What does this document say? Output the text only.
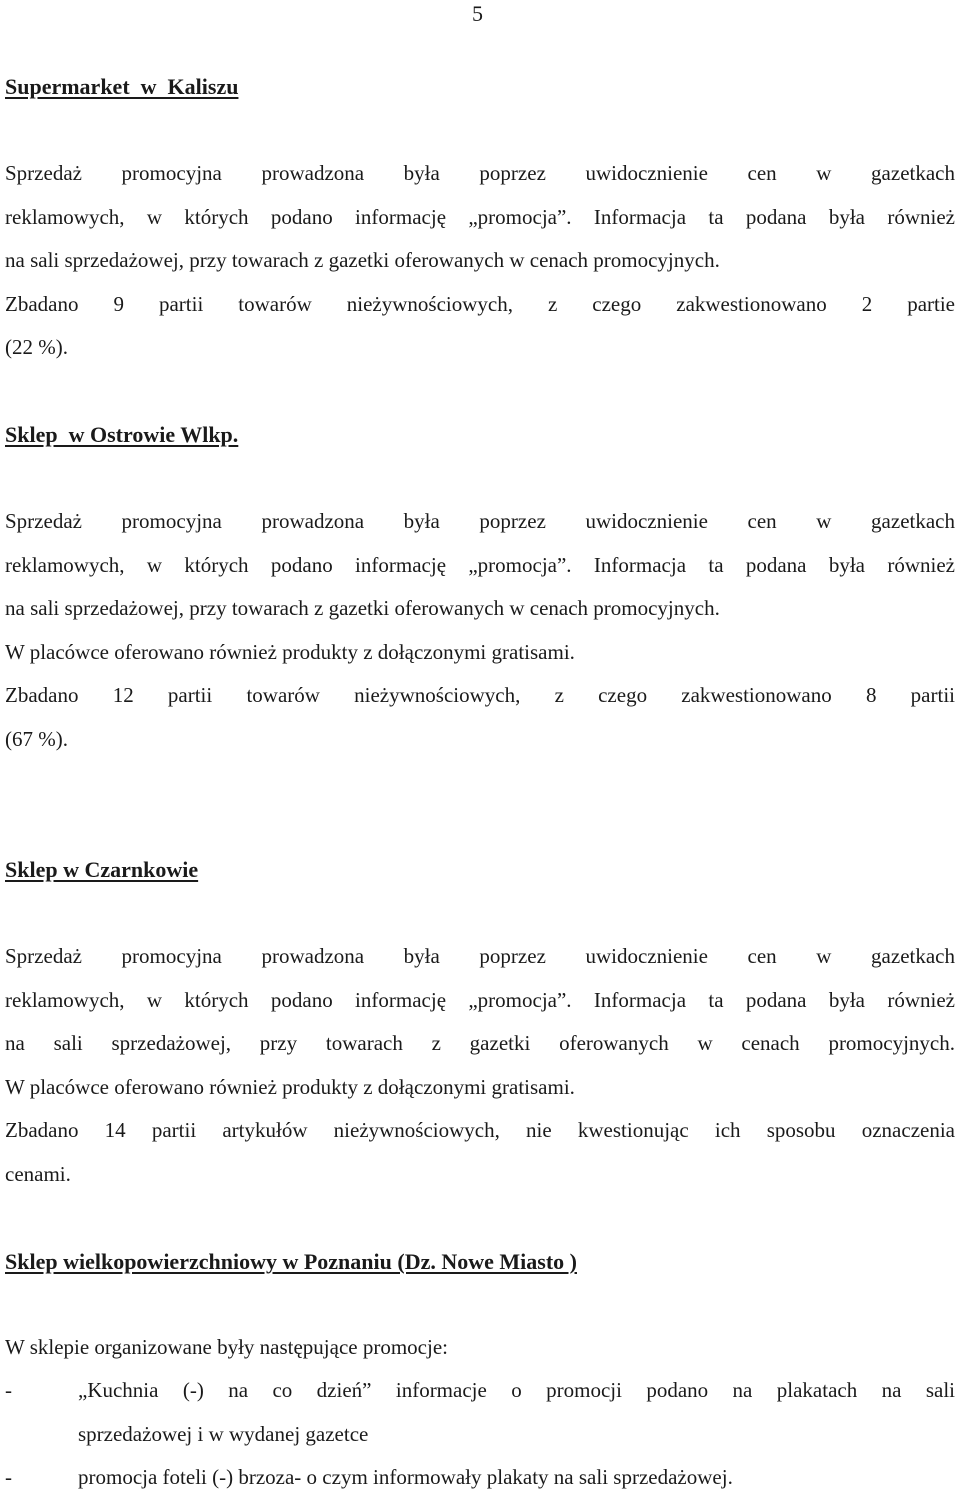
5
Supermarket  w  Kaliszu

Sprzedaż promocyjna prowadzona była poprzez uwidocznienie cen w gazetkach

reklamowych, w których podano informację „promocja”. Informacja ta podana była również

na sali sprzedażowej, przy towarach z gazetki oferowanych w cenach promocyjnych.

Zbadano 9 partii towarów nieżywnościowych, z czego zakwestionowano 2 partie

(22 %).

Sklep  w Ostrowie Wlkp.

Sprzedaż promocyjna prowadzona była poprzez uwidocznienie cen w gazetkach

reklamowych, w których podano informację „promocja”. Informacja ta podana była również

na sali sprzedażowej, przy towarach z gazetki oferowanych w cenach promocyjnych.

W placówce oferowano również produkty z dołączonymi gratisami.

Zbadano 12 partii towarów nieżywnościowych, z czego zakwestionowano 8 partii

(67 %).

Sklep w Czarnkowie

Sprzedaż promocyjna prowadzona była poprzez uwidocznienie cen w gazetkach

reklamowych, w których podano informację „promocja”. Informacja ta podana była również

na sali sprzedażowej, przy towarach z gazetki oferowanych w cenach promocyjnych.

W placówce oferowano również produkty z dołączonymi gratisami.

Zbadano 14 partii artykułów nieżywnościowych, nie kwestionując ich sposobu oznaczenia

cenami.

Sklep wielkopowierzchniowy w Poznaniu (Dz. Nowe Miasto )

W sklepie organizowane były następujące promocje:

-	„Kuchnia (-) na co dzień” informacje o promocji podano na plakatach na sali
sprzedażowej i w wydanej gazetce
-	promocja foteli (-) brzoza- o czym informowały plakaty na sali sprzedażowej.
